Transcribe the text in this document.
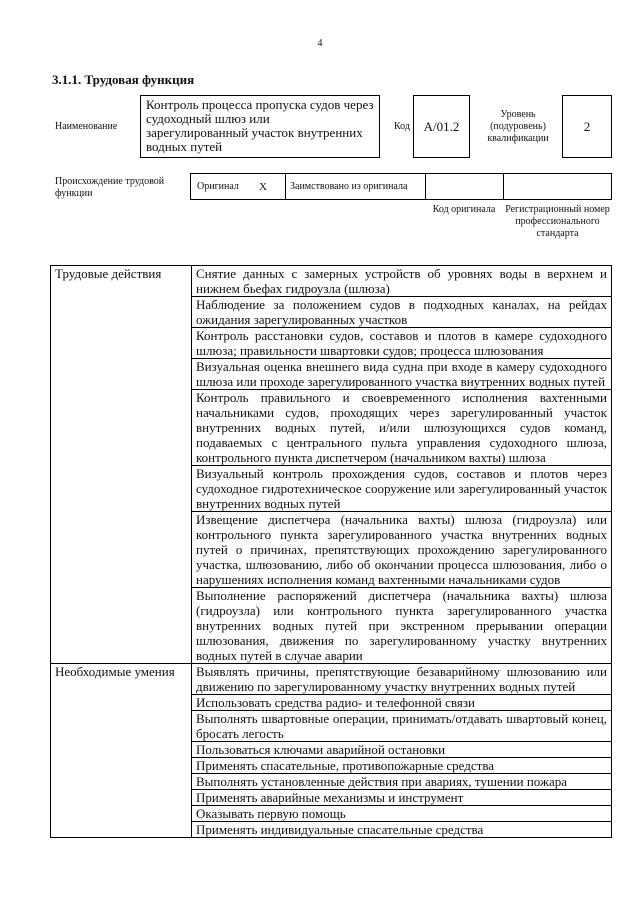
4
3.1.1. Трудовая функция
Наименование
Контроль процесса пропуска судов через судоходный шлюз или зарегулированный участок внутренних водных путей
Код	А/01.2
Уровень (подуровень) квалификации
2
Происхождение трудовой функции
Оригинал X	Заимствовано из оригинала
Код оригинала Регистрационный номер профессионального стандарта
Трудовые действия	Снятие данных с замерных устройств об уровнях воды в верхнем и нижнем бьефах гидроузла (шлюза)
	Наблюдение за положением судов в подходных каналах, на рейдах ожидания зарегулированных участков
	Контроль расстановки судов, составов и плотов в камере судоходного шлюза; правильности швартовки судов; процесса шлюзования
	Визуальная оценка внешнего вида судна при входе в камеру судоходного шлюза или проходе зарегулированного участка внутренних водных путей
	Контроль правильного и своевременного исполнения вахтенными начальниками судов, проходящих через зарегулированный участок внутренних водных путей, и/или шлюзующихся судов команд, подаваемых с центрального пульта управления судоходного шлюза, контрольного пункта диспетчером (начальником вахты) шлюза
	Визуальный контроль прохождения судов, составов и плотов через судоходное гидротехническое сооружение или зарегулированный участок внутренних водных путей
	Извещение диспетчера (начальника вахты) шлюза (гидроузла) или контрольного пункта зарегулированного участка внутренних водных путей о причинах, препятствующих прохождению зарегулированного участка, шлюзованию, либо об окончании процесса шлюзования, либо о нарушениях исполнения команд вахтенными начальниками судов
	Выполнение распоряжений диспетчера (начальника вахты) шлюза (гидроузла) или контрольного пункта зарегулированного участка внутренних водных путей при экстренном прерывании операции шлюзования, движения по зарегулированному участку внутренних водных путей в случае аварии
Необходимые умения	Выявлять причины, препятствующие безаварийному шлюзованию или движению по зарегулированному участку внутренних водных путей
	Использовать средства радио- и телефонной связи
	Выполнять швартовные операции, принимать/отдавать швартовый конец, бросать легость
	Пользоваться ключами аварийной остановки
	Применять спасательные, противопожарные средства
	Выполнять установленные действия при авариях, тушении пожара
	Применять аварийные механизмы и инструмент
	Оказывать первую помощь
	Применять индивидуальные спасательные средства
